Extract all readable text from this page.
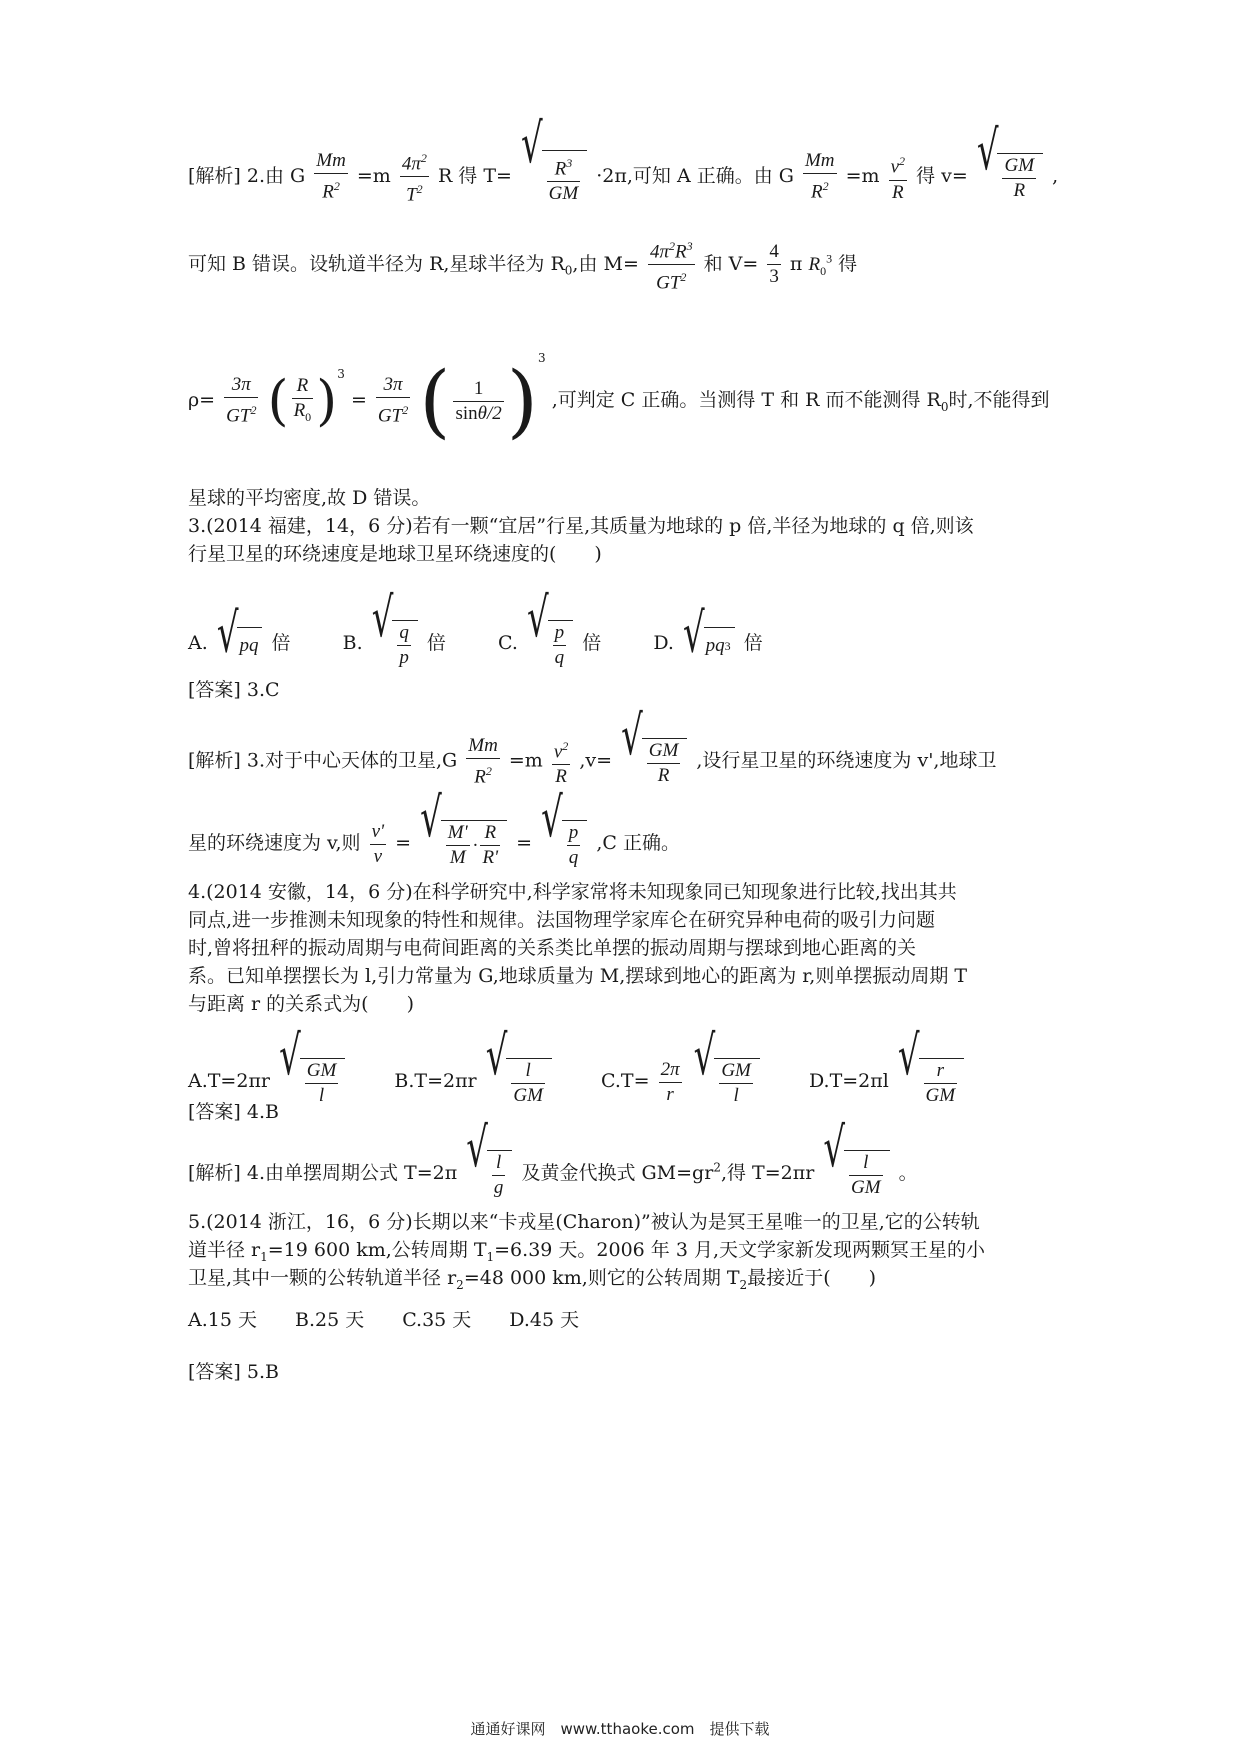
[解析] 2.由 G $\frac{Mm}{R^2} =m \frac{4\pi^2}{T^2}$ R 得 T= √
$\frac{R^3}{GM} \cdot 2\pi$,可知 A 正确。由 G $\frac{Mm}{R^2} =m \frac{v^2}{R}$ 得 v= √ $\frac{GM}{R}$ ,
可知 B 错误。设轨道半径为 R,星球半径为 $R_0$,由 $M= \frac{4\pi^2R^3}{GT^2}$ 和 $V= \frac{4}{3}$ π $R_0^3$ 得
$\rho= \frac{3\pi}{GT^2}$ ( $\frac{R}{R_0} )^3 = \frac{3\pi}{GT^2}$ ( $\frac{1}{\sin\theta/2} )^3$ ,可判定 C 正确。当测得 T 和 R 而不能测得 $R_0$时,不能得到
星球的平均密度,故 D 错误。
3.(2014 福建，14，6 分)若有一颗“宜居”行星,其质量为地球的 p 倍,半径为地球的 q 倍,则该
行星卫星的环绕速度是地球卫星环绕速度的(　　)
A. √ pq 倍	B. √ $\frac{q}{p}$ 倍	C. √ $\frac{p}{q}$ 倍	D. √ pq 3 倍
[答案] 3.C
[解析] 3.对于中心天体的卫星$,G \frac{Mm}{R^2} =m \frac{v^2}{R} ,v=$ √ $\frac{GM}{R}$ ,设行星卫星的环绕速度为 v',地球卫
星的环绕速度为 v,则 $\frac{v'}{v}$ = √ $\frac{M'}{M} \cdot \frac{R}{R'}$ = √ $\frac{p}{q} ,C$ 正确。
4.(2014 安徽，14，6 分)在科学研究中,科学家常将未知现象同已知现象进行比较,找出其共
同点,进一步推测未知现象的特性和规律。法国物理学家库仑在研究异种电荷的吸引力问题
时,曾将扭秤的振动周期与电荷间距离的关系类比单摆的振动周期与摆球到地心距离的关
系。已知单摆摆长为 l,引力常量为 G,地球质量为 M,摆球到地心的距离为 r,则单摆振动周期 T
与距离 r 的关系式为(　　)
A.T=2πr √ $\frac{GM}{l}$	B.T=2πr √ $\frac{l}{GM}$	$C.T= \frac{2\pi}{r}$
√ $\frac{GM}{l}$	D.T=2πl √ $\frac{r}{GM}$
[答案] 4.B
[解析] 4.由单摆周期公式 T=2π √ $\frac{l}{g}$ 及黄金代换式 $GM=gr^2$,得 T=2πr √ $\frac{l}{GM}$ 。
5.(2014 浙江，16，6 分)长期以来“卡戎星(Charon)”被认为是冥王星唯一的卫星,它的公转轨
道半径 $r_1=19$ 600 km,公转周期 $T_1=6.39$ 天。2006 年 3 月,天文学家新发现两颗冥王星的小
卫星,其中一颗的公转轨道半径 $r_2=48$ 000 km,则它的公转周期 $T_2$最接近于(　　)
A.15 天　　B.25 天　　C.35 天　　D.45 天
[答案] 5.B
通通好课网　www.tthaoke.com　提供下载
